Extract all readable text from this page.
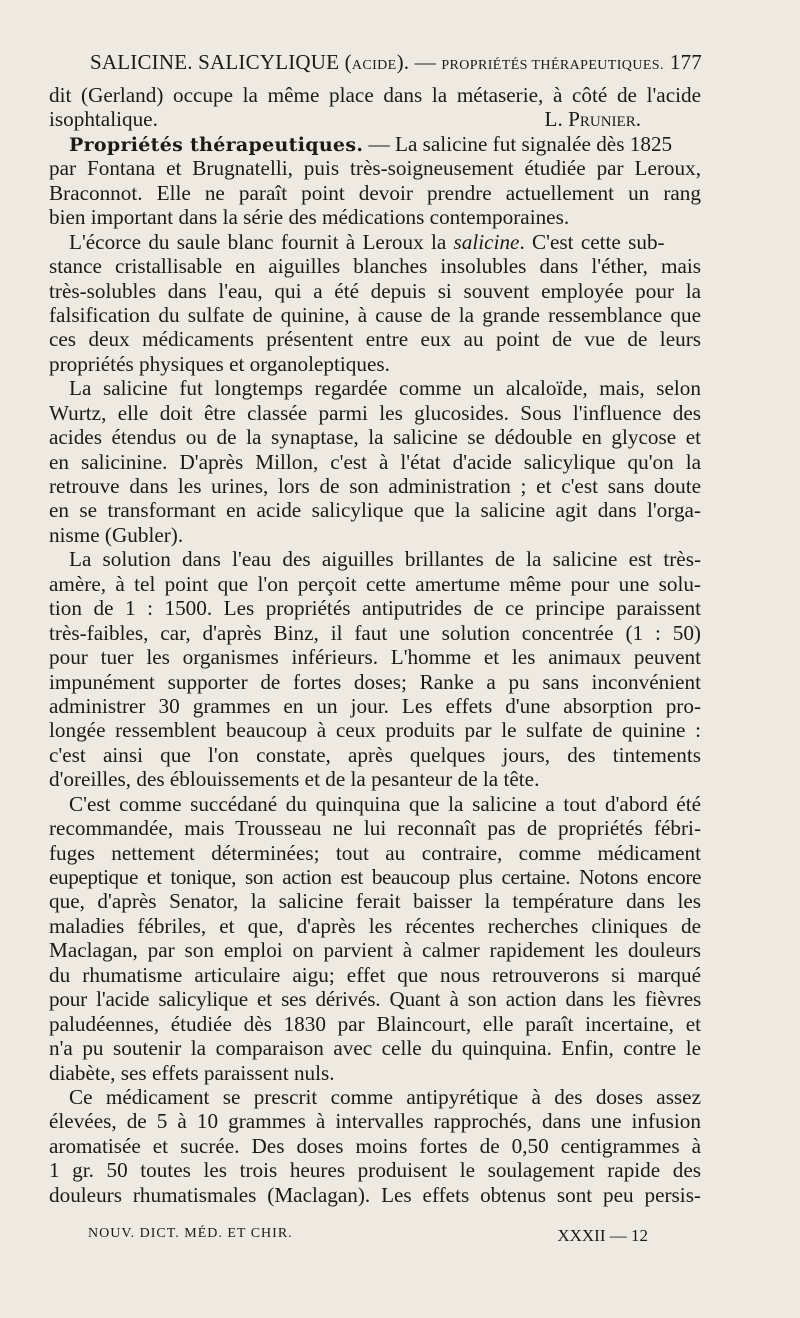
SALICINE. SALICYLIQUE (ACIDE). — PROPRIÉTÉS THÉRAPEUTIQUES. 177
dit (Gerland) occupe la même place dans la métaserie, à côté de l'acide
isophtalique.	L. Prunier.
Propriétés thérapeutiques. — La salicine fut signalée dès 1825
par Fontana et Brugnatelli, puis très-soigneusement étudiée par Leroux,
Braconnot. Elle ne paraît point devoir prendre actuellement un rang
bien important dans la série des médications contemporaines.
L'écorce du saule blanc fournit à Leroux la salicine. C'est cette sub-
stance cristallisable en aiguilles blanches insolubles dans l'éther, mais
très-solubles dans l'eau, qui a été depuis si souvent employée pour la
falsification du sulfate de quinine, à cause de la grande ressemblance que
ces deux médicaments présentent entre eux au point de vue de leurs
propriétés physiques et organoleptiques.
La salicine fut longtemps regardée comme un alcaloïde, mais, selon
Wurtz, elle doit être classée parmi les glucosides. Sous l'influence des
acides étendus ou de la synaptase, la salicine se dédouble en glycose et
en salicinine. D'après Millon, c'est à l'état d'acide salicylique qu'on la
retrouve dans les urines, lors de son administration ; et c'est sans doute
en se transformant en acide salicylique que la salicine agit dans l'orga-
nisme (Gubler).
La solution dans l'eau des aiguilles brillantes de la salicine est très-
amère, à tel point que l'on perçoit cette amertume même pour une solu-
tion de 1 : 1500. Les propriétés antiputrides de ce principe paraissent
très-faibles, car, d'après Binz, il faut une solution concentrée (1 : 50)
pour tuer les organismes inférieurs. L'homme et les animaux peuvent
impunément supporter de fortes doses; Ranke a pu sans inconvénient
administrer 30 grammes en un jour. Les effets d'une absorption pro-
longée ressemblent beaucoup à ceux produits par le sulfate de quinine :
c'est ainsi que l'on constate, après quelques jours, des tintements
d'oreilles, des éblouissements et de la pesanteur de la tête.
C'est comme succédané du quinquina que la salicine a tout d'abord été
recommandée, mais Trousseau ne lui reconnaît pas de propriétés fébri-
fuges nettement déterminées; tout au contraire, comme médicament
eupeptique et tonique, son action est beaucoup plus certaine. Notons encore
que, d'après Senator, la salicine ferait baisser la température dans les
maladies fébriles, et que, d'après les récentes recherches cliniques de
Maclagan, par son emploi on parvient à calmer rapidement les douleurs
du rhumatisme articulaire aigu; effet que nous retrouverons si marqué
pour l'acide salicylique et ses dérivés. Quant à son action dans les fièvres
paludéennes, étudiée dès 1830 par Blaincourt, elle paraît incertaine, et
n'a pu soutenir la comparaison avec celle du quinquina. Enfin, contre le
diabète, ses effets paraissent nuls.
Ce médicament se prescrit comme antipyrétique à des doses assez
élevées, de 5 à 10 grammes à intervalles rapprochés, dans une infusion
aromatisée et sucrée. Des doses moins fortes de 0,50 centigrammes à
1 gr. 50 toutes les trois heures produisent le soulagement rapide des
douleurs rhumatismales (Maclagan). Les effets obtenus sont peu persis-
NOUV. DICT. MÉD. ET CHIR.	XXXII — 12
